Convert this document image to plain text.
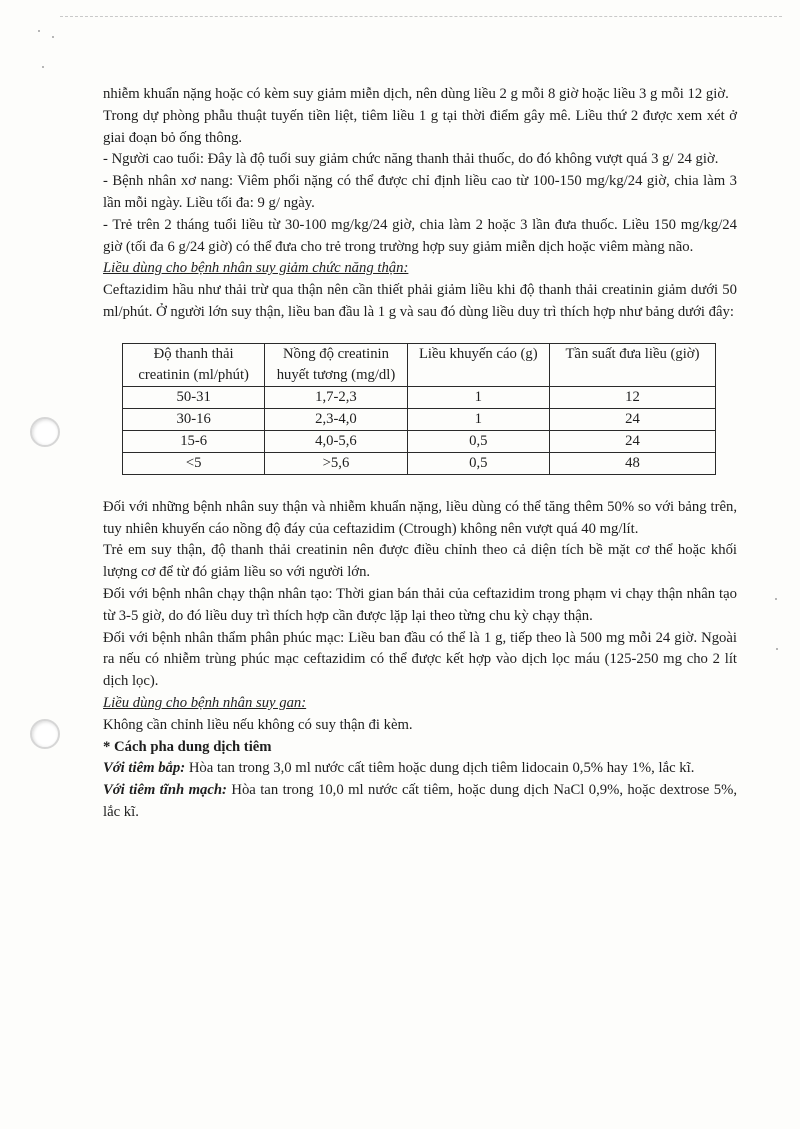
nhiễm khuẩn nặng hoặc có kèm suy giảm miễn dịch, nên dùng liều 2 g mỗi 8 giờ hoặc liều 3 g mỗi 12 giờ.

Trong dự phòng phẫu thuật tuyến tiền liệt, tiêm liều 1 g tại thời điểm gây mê. Liều thứ 2 được xem xét ở giai đoạn bỏ ống thông.

- Người cao tuổi: Đây là độ tuổi suy giảm chức năng thanh thải thuốc, do đó không vượt quá 3 g/ 24 giờ.

- Bệnh nhân xơ nang: Viêm phổi nặng có thể được chỉ định liều cao từ 100-150 mg/kg/24 giờ, chia làm 3 lần mỗi ngày. Liều tối đa: 9 g/ ngày.

- Trẻ trên 2 tháng tuổi liều từ 30-100 mg/kg/24 giờ, chia làm 2 hoặc 3 lần đưa thuốc. Liều 150 mg/kg/24 giờ (tối đa 6 g/24 giờ) có thể đưa cho trẻ trong trường hợp suy giảm miễn dịch hoặc viêm màng não.

Liều dùng cho bệnh nhân suy giảm chức năng thận:

Ceftazidim hầu như thải trừ qua thận nên cần thiết phải giảm liều khi độ thanh thải creatinin giảm dưới 50 ml/phút. Ở người lớn suy thận, liều ban đầu là 1 g và sau đó dùng liều duy trì thích hợp như bảng dưới đây:

Độ thanh thải creatinin (ml/phút)	Nồng độ creatinin huyết tương (mg/dl)	Liều khuyến cáo (g)	Tần suất đưa liều (giờ)
50-31	1,7-2,3	1	12
30-16	2,3-4,0	1	24
15-6	4,0-5,6	0,5	24
<5	>5,6	0,5	48

Đối với những bệnh nhân suy thận và nhiễm khuẩn nặng, liều dùng có thể tăng thêm 50% so với bảng trên, tuy nhiên khuyến cáo nồng độ đáy của ceftazidim (Ctrough) không nên vượt quá 40 mg/lít.

Trẻ em suy thận, độ thanh thải creatinin nên được điều chỉnh theo cả diện tích bề mặt cơ thể hoặc khối lượng cơ để từ đó giảm liều so với người lớn.

Đối với bệnh nhân chạy thận nhân tạo: Thời gian bán thải của ceftazidim trong phạm vi chạy thận nhân tạo từ 3-5 giờ, do đó liều duy trì thích hợp cần được lặp lại theo từng chu kỳ chạy thận.

Đối với bệnh nhân thẩm phân phúc mạc: Liều ban đầu có thể là 1 g, tiếp theo là 500 mg mỗi 24 giờ. Ngoài ra nếu có nhiễm trùng phúc mạc ceftazidim có thể được kết hợp vào dịch lọc máu (125-250 mg cho 2 lít dịch lọc).

Liều dùng cho bệnh nhân suy gan:

Không cần chỉnh liều nếu không có suy thận đi kèm.

* Cách pha dung dịch tiêm

Với tiêm bắp: Hòa tan trong 3,0 ml nước cất tiêm hoặc dung dịch tiêm lidocain 0,5% hay 1%, lắc kĩ.

Với tiêm tĩnh mạch: Hòa tan trong 10,0 ml nước cất tiêm, hoặc dung dịch NaCl 0,9%, hoặc dextrose 5%, lắc kĩ.
